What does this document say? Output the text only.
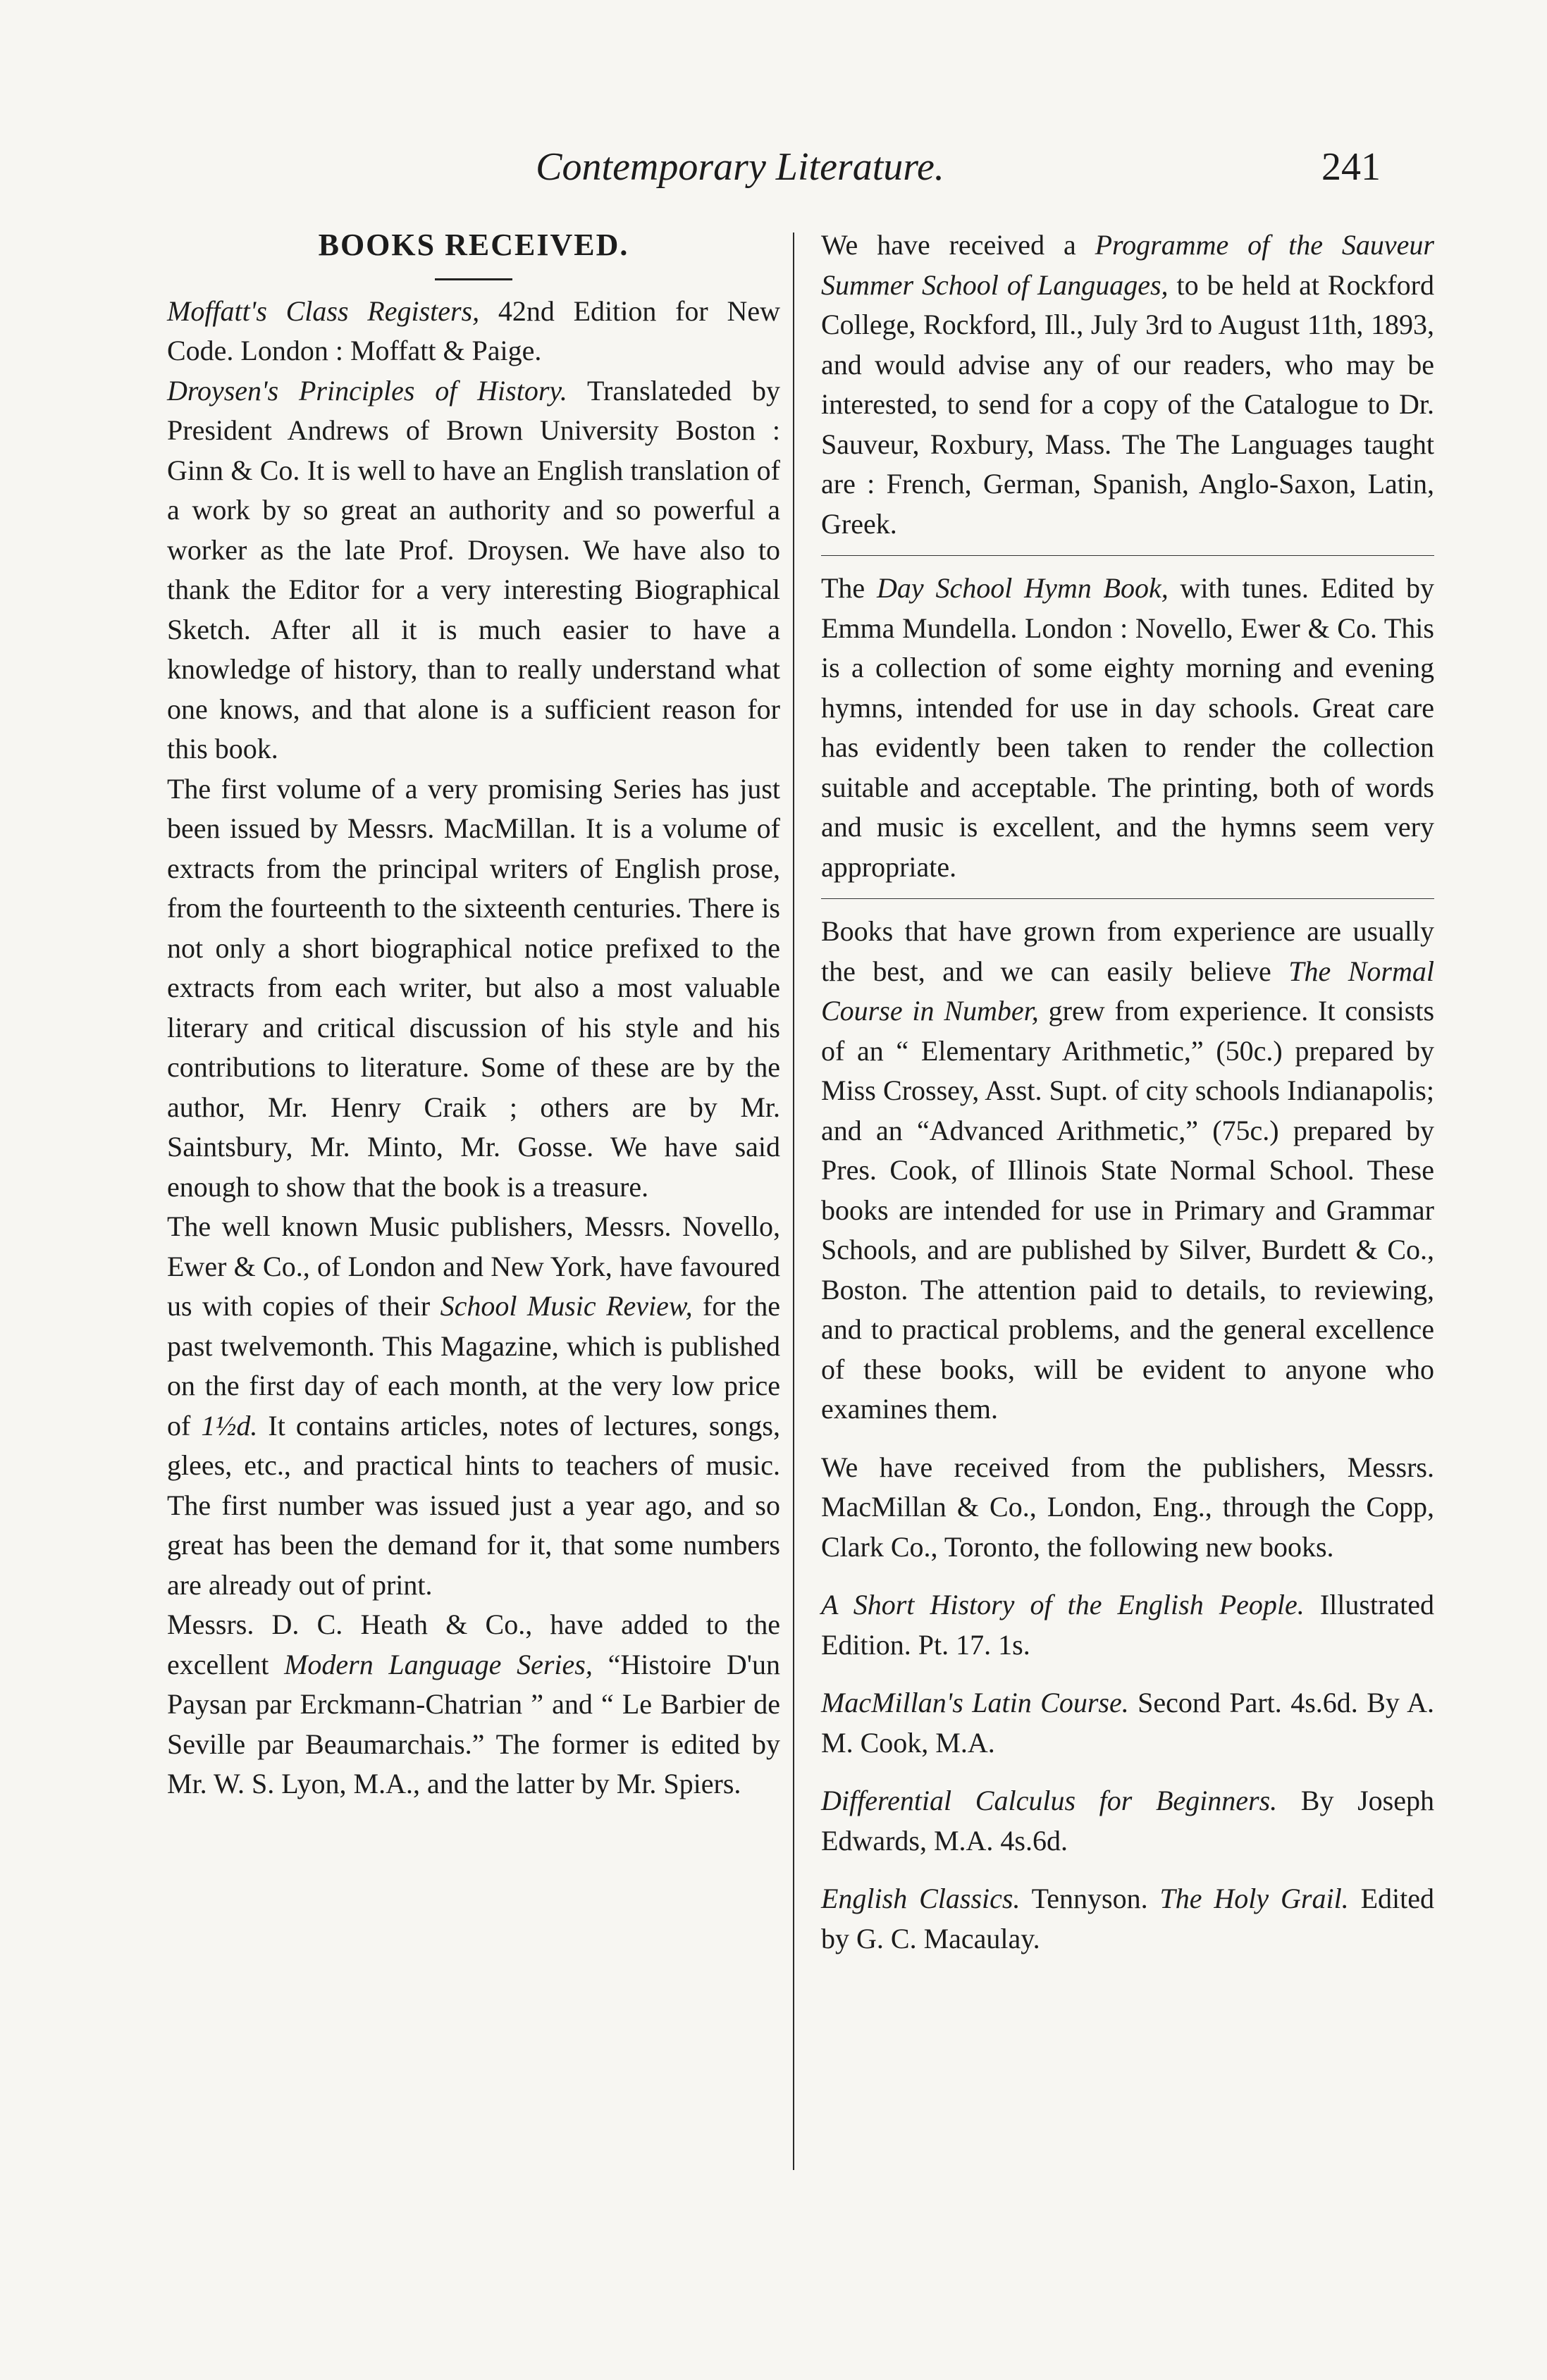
Contemporary Literature.	241
BOOKS RECEIVED.

Moffatt's Class Registers, 42nd Edition for New Code. London : Moffatt & Paige.

Droysen's Principles of History. Translateded by President Andrews of Brown University Boston : Ginn & Co. It is well to have an English translation of a work by so great an authority and so powerful a worker as the late Prof. Droysen. We have also to thank the Editor for a very interesting Biographical Sketch. After all it is much easier to have a knowledge of history, than to really understand what one knows, and that alone is a sufficient reason for this book.

The first volume of a very promising Series has just been issued by Messrs. MacMillan. It is a volume of extracts from the principal writers of English prose, from the fourteenth to the sixteenth centuries. There is not only a short biographical notice prefixed to the extracts from each writer, but also a most valuable literary and critical discussion of his style and his contributions to literature. Some of these are by the author, Mr. Henry Craik ; others are by Mr. Saintsbury, Mr. Minto, Mr. Gosse. We have said enough to show that the book is a treasure.

The well known Music publishers, Messrs. Novello, Ewer & Co., of London and New York, have favoured us with copies of their School Music Review, for the past twelvemonth. This Magazine, which is published on the first day of each month, at the very low price of 1½d. It contains articles, notes of lectures, songs, glees, etc., and practical hints to teachers of music. The first number was issued just a year ago, and so great has been the demand for it, that some numbers are already out of print.

Messrs. D. C. Heath & Co., have added to the excellent Modern Language Series, “Histoire D'un Paysan par Erckmann-Chatrian ” and “ Le Barbier de Seville par Beaumarchais.” The former is edited by Mr. W. S. Lyon, M.A., and the latter by Mr. Spiers.

We have received a Programme of the Sauveur Summer School of Languages, to be held at Rockford College, Rockford, Ill., July 3rd to August 11th, 1893, and would advise any of our readers, who may be interested, to send for a copy of the Catalogue to Dr. Sauveur, Roxbury, Mass. The The Languages taught are : French, German, Spanish, Anglo-Saxon, Latin, Greek.

The Day School Hymn Book, with tunes. Edited by Emma Mundella. London : Novello, Ewer & Co. This is a collection of some eighty morning and evening hymns, intended for use in day schools. Great care has evidently been taken to render the collection suitable and acceptable. The printing, both of words and music is excellent, and the hymns seem very appropriate.

Books that have grown from experience are usually the best, and we can easily believe The Normal Course in Number, grew from experience. It consists of an “ Elementary Arithmetic,” (50c.) prepared by Miss Crossey, Asst. Supt. of city schools Indianapolis; and an “Advanced Arithmetic,” (75c.) prepared by Pres. Cook, of Illinois State Normal School. These books are intended for use in Primary and Grammar Schools, and are published by Silver, Burdett & Co., Boston. The attention paid to details, to reviewing, and to practical problems, and the general excellence of these books, will be evident to anyone who examines them.

We have received from the publishers, Messrs. MacMillan & Co., London, Eng., through the Copp, Clark Co., Toronto, the following new books.

A Short History of the English People. Illustrated Edition. Pt. 17. 1s.

MacMillan's Latin Course. Second Part. 4s.6d. By A. M. Cook, M.A.

Differential Calculus for Beginners. By Joseph Edwards, M.A. 4s.6d.

English Classics. Tennyson. The Holy Grail. Edited by G. C. Macaulay.
